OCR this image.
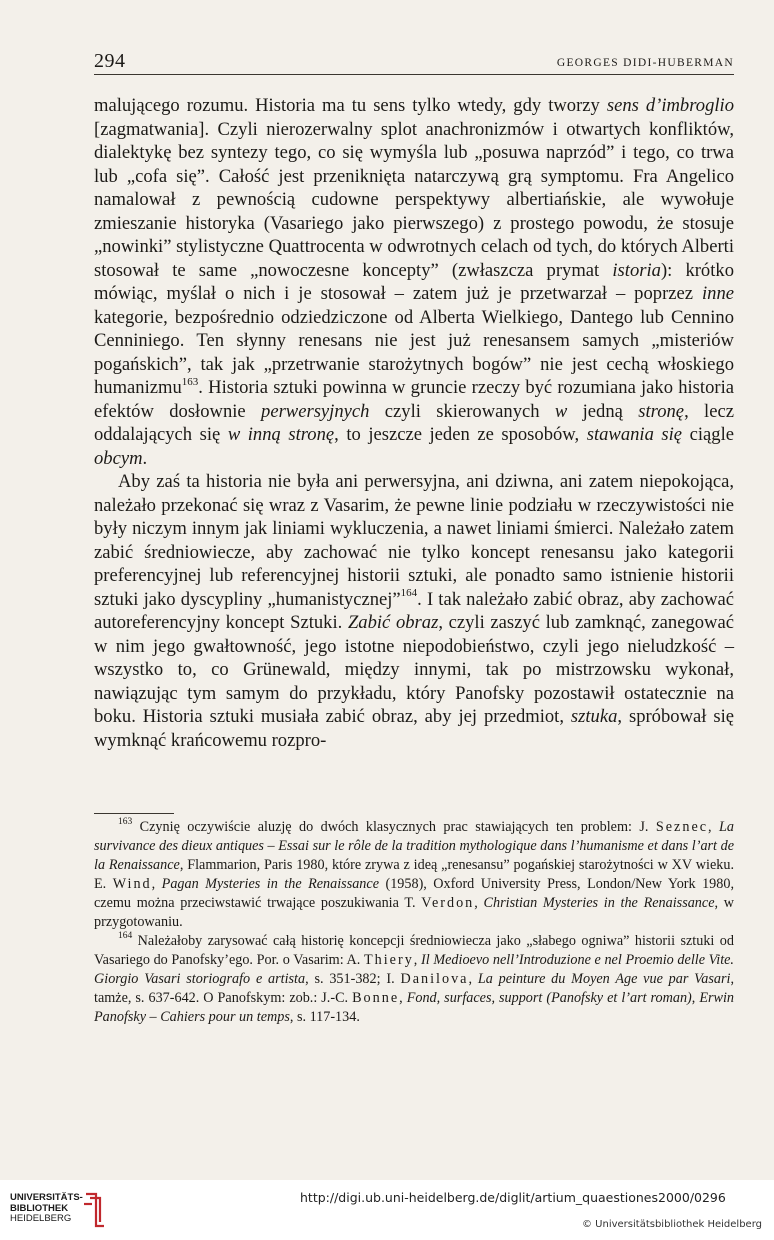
294	GEORGES DIDI-HUBERMAN

malującego rozumu. Historia ma tu sens tylko wtedy, gdy tworzy sens d’imbroglio [zagmatwania]. Czyli nierozerwalny splot anachronizmów i otwartych konfliktów, dialektykę bez syntezy tego, co się wymyśla lub „posuwa naprzód” i tego, co trwa lub „cofa się”. Całość jest przeniknięta natarczywą grą symptomu. Fra Angelico namalował z pewnością cudowne perspektywy albertiańskie, ale wywołuje zmieszanie historyka (Vasariego jako pierwszego) z prostego powodu, że stosuje „nowinki” stylistyczne Quattrocenta w odwrotnych celach od tych, do których Alberti stosował te same „nowoczesne koncepty” (zwłaszcza prymat istoria): krótko mówiąc, myślał o nich i je stosował – zatem już je przetwarzał – poprzez inne kategorie, bezpośrednio odziedziczone od Alberta Wielkiego, Dantego lub Cennino Cenniniego. Ten słynny renesans nie jest już renesansem samych „misteriów pogańskich”, tak jak „przetrwanie starożytnych bogów” nie jest cechą włoskiego humanizmu$^{163}$. Historia sztuki powinna w gruncie rzeczy być rozumiana jako historia efektów dosłownie perwersyjnych czyli skierowanych w jedną stronę, lecz oddalających się w inną stronę, to jeszcze jeden ze sposobów, stawania się ciągle obcym.

Aby zaś ta historia nie była ani perwersyjna, ani dziwna, ani zatem niepokojąca, należało przekonać się wraz z Vasarim, że pewne linie podziału w rzeczywistości nie były niczym innym jak liniami wykluczenia, a nawet liniami śmierci. Należało zatem zabić średniowiecze, aby zachować nie tylko koncept renesansu jako kategorii preferencyjnej lub referencyjnej historii sztuki, ale ponadto samo istnienie historii sztuki jako dyscypliny „humanistycznej”$^{164}$. I tak należało zabić obraz, aby zachować autoreferencyjny koncept Sztuki. Zabić obraz, czyli zaszyć lub zamknąć, zanegować w nim jego gwałtowność, jego istotne niepodobieństwo, czyli jego nieludzkość – wszystko to, co Grünewald, między innymi, tak po mistrzowsku wykonał, nawiązując tym samym do przykładu, który Panofsky pozostawił ostatecznie na boku. Historia sztuki musiała zabić obraz, aby jej przedmiot, sztuka, spróbował się wymknąć krańcowemu rozpro-

$^{163}$ Czynię oczywiście aluzję do dwóch klasycznych prac stawiających ten problem: J. Seznec, La survivance des dieux antiques – Essai sur le rôle de la tradition mythologique dans l’humanisme et dans l’art de la Renaissance, Flammarion, Paris 1980, które zrywa z ideą „renesansu” pogańskiej starożytności w XV wieku. E. Wind, Pagan Mysteries in the Renaissance (1958), Oxford University Press, London/New York 1980, czemu można przeciwstawić trwające poszukiwania T. Verdon, Christian Mysteries in the Renaissance, w przygotowaniu.

$^{164}$ Należałoby zarysować całą historię koncepcji średniowiecza jako „słabego ogniwa” historii sztuki od Vasariego do Panofsky’ego. Por. o Vasarim: A. Thiery, Il Medioevo nell’Introduzione e nel Proemio delle Vite. Giorgio Vasari storiografo e artista, s. 351-382; I. Danilova, La peinture du Moyen Age vue par Vasari, tamże, s. 637-642. O Panofskym: zob.: J.-C. Bonne, Fond, surfaces, support (Panofsky et l’art roman), Erwin Panofsky – Cahiers pour un temps, s. 117-134.

UNIVERSITÄTS-
BIBLIOTHEK
HEIDELBERG
http://digi.ub.uni-heidelberg.de/diglit/artium_quaestiones2000/0296
© Universitätsbibliothek Heidelberg
